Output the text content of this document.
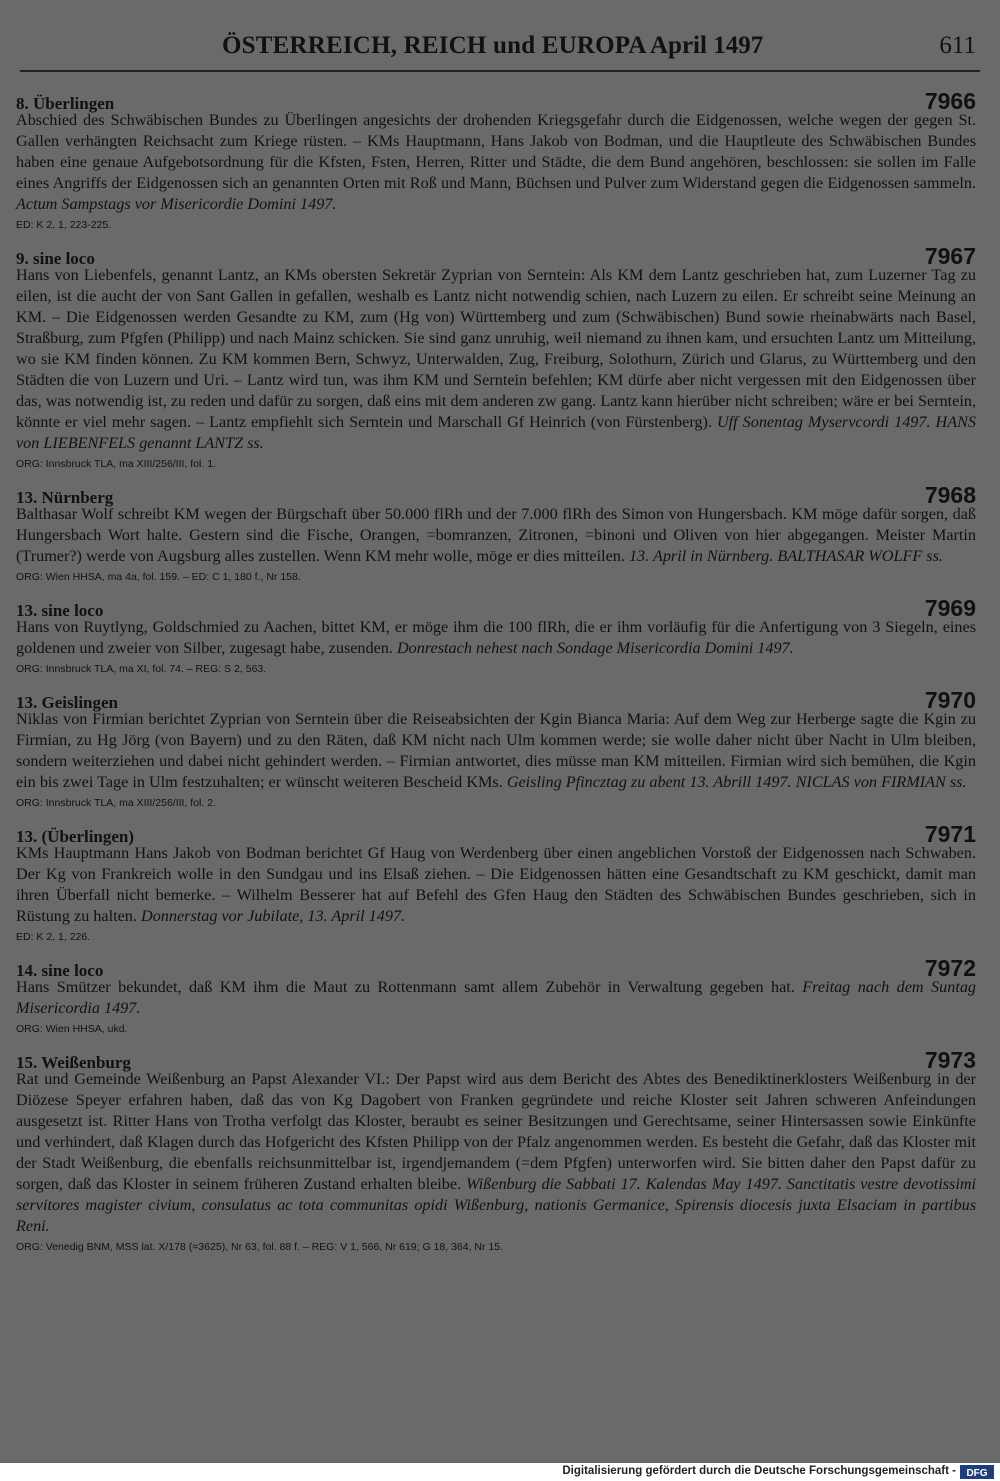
ÖSTERREICH, REICH und EUROPA April 1497	611
8. Überlingen	7966

Abschied des Schwäbischen Bundes zu Überlingen angesichts der drohenden Kriegsgefahr durch die Eidgenossen, welche wegen der gegen St. Gallen verhängten Reichsacht zum Kriege rüsten. – KMs Hauptmann, Hans Jakob von Bodman, und die Hauptleute des Schwäbischen Bundes haben eine genaue Aufgebotsordnung für die Kfsten, Fsten, Herren, Ritter und Städte, die dem Bund angehören, beschlossen: sie sollen im Falle eines Angriffs der Eidgenossen sich an genannten Orten mit Roß und Mann, Büchsen und Pulver zum Widerstand gegen die Eidgenossen sammeln. Actum Sampstags vor Misericordie Domini 1497.

ED: K 2, 1, 223-225.
9. sine loco	7967

Hans von Liebenfels, genannt Lantz, an KMs obersten Sekretär Zyprian von Serntein: Als KM dem Lantz geschrieben hat, zum Luzerner Tag zu eilen, ist die aucht der von Sant Gallen in gefallen, weshalb es Lantz nicht notwendig schien, nach Luzern zu eilen. Er schreibt seine Meinung an KM. – Die Eidgenossen werden Gesandte zu KM, zum (Hg von) Württemberg und zum (Schwäbischen) Bund sowie rheinabwärts nach Basel, Straßburg, zum Pfgfen (Philipp) und nach Mainz schicken. Sie sind ganz unruhig, weil niemand zu ihnen kam, und ersuchten Lantz um Mitteilung, wo sie KM finden können. Zu KM kommen Bern, Schwyz, Unterwalden, Zug, Freiburg, Solothurn, Zürich und Glarus, zu Württemberg und den Städten die von Luzern und Uri. – Lantz wird tun, was ihm KM und Serntein befehlen; KM dürfe aber nicht vergessen mit den Eidgenossen über das, was notwendig ist, zu reden und dafür zu sorgen, daß eins mit dem anderen zw gang. Lantz kann hierüber nicht schreiben; wäre er bei Serntein, könnte er viel mehr sagen. – Lantz empfiehlt sich Serntein und Marschall Gf Heinrich (von Fürstenberg). Uff Sonentag Myservcordi 1497. HANS von LIEBENFELS genannt LANTZ ss.

ORG: Innsbruck TLA, ma XIII/256/III, fol. 1.
13. Nürnberg	7968

Balthasar Wolf schreibt KM wegen der Bürgschaft über 50.000 flRh und der 7.000 flRh des Simon von Hungersbach. KM möge dafür sorgen, daß Hungersbach Wort halte. Gestern sind die Fische, Orangen, =bomranzen, Zitronen, =binoni und Oliven von hier abgegangen. Meister Martin (Trumer?) werde von Augsburg alles zustellen. Wenn KM mehr wolle, möge er dies mitteilen. 13. April in Nürnberg. BALTHASAR WOLFF ss.

ORG: Wien HHSA, ma 4a, fol. 159. – ED: C 1, 180 f., Nr 158.
13. sine loco	7969

Hans von Ruytlyng, Goldschmied zu Aachen, bittet KM, er möge ihm die 100 flRh, die er ihm vorläufig für die Anfertigung von 3 Siegeln, eines goldenen und zweier von Silber, zugesagt habe, zusenden. Donrestach nehest nach Sondage Misericordia Domini 1497.

ORG: Innsbruck TLA, ma XI, fol. 74. – REG: S 2, 563.
13. Geislingen	7970

Niklas von Firmian berichtet Zyprian von Serntein über die Reiseabsichten der Kgin Bianca Maria: Auf dem Weg zur Herberge sagte die Kgin zu Firmian, zu Hg Jörg (von Bayern) und zu den Räten, daß KM nicht nach Ulm kommen werde; sie wolle daher nicht über Nacht in Ulm bleiben, sondern weiterziehen und dabei nicht gehindert werden. – Firmian antwortet, dies müsse man KM mitteilen. Firmian wird sich bemühen, die Kgin ein bis zwei Tage in Ulm festzuhalten; er wünscht weiteren Bescheid KMs. Geisling Pfincztag zu abent 13. Abrill 1497. NICLAS von FIRMIAN ss.

ORG: Innsbruck TLA, ma XIII/256/III, fol. 2.
13. (Überlingen)	7971

KMs Hauptmann Hans Jakob von Bodman berichtet Gf Haug von Werdenberg über einen angeblichen Vorstoß der Eidgenossen nach Schwaben. Der Kg von Frankreich wolle in den Sundgau und ins Elsaß ziehen. – Die Eidgenossen hätten eine Gesandtschaft zu KM geschickt, damit man ihren Überfall nicht bemerke. – Wilhelm Besserer hat auf Befehl des Gfen Haug den Städten des Schwäbischen Bundes geschrieben, sich in Rüstung zu halten. Donnerstag vor Jubilate, 13. April 1497.

ED: K 2, 1, 226.
14. sine loco	7972

Hans Smützer bekundet, daß KM ihm die Maut zu Rottenmann samt allem Zubehör in Verwaltung gegeben hat. Freitag nach dem Suntag Misericordia 1497.

ORG: Wien HHSA, ukd.
15. Weißenburg	7973

Rat und Gemeinde Weißenburg an Papst Alexander VI.: Der Papst wird aus dem Bericht des Abtes des Benediktinerklosters Weißenburg in der Diözese Speyer erfahren haben, daß das von Kg Dagobert von Franken gegründete und reiche Kloster seit Jahren schweren Anfeindungen ausgesetzt ist. Ritter Hans von Trotha verfolgt das Kloster, beraubt es seiner Besitzungen und Gerechtsame, seiner Hintersassen sowie Einkünfte und verhindert, daß Klagen durch das Hofgericht des Kfsten Philipp von der Pfalz angenommen werden. Es besteht die Gefahr, daß das Kloster mit der Stadt Weißenburg, die ebenfalls reichsunmittelbar ist, irgendjemandem (=dem Pfgfen) unterworfen wird. Sie bitten daher den Papst dafür zu sorgen, daß das Kloster in seinem früheren Zustand erhalten bleibe. Wißenburg die Sabbati 17. Kalendas May 1497. Sanctitatis vestre devotissimi servitores magister civium, consulatus ac tota communitas opidi Wißenburg, nationis Germanice, Spirensis diocesis juxta Elsaciam in partibus Reni.

ORG: Venedig BNM, MSS lat. X/178 (=3625), Nr 63, fol. 88 f. – REG: V 1, 566, Nr 619; G 18, 364, Nr 15.
Digitalisierung gefördert durch die Deutsche Forschungsgemeinschaft - DFG
